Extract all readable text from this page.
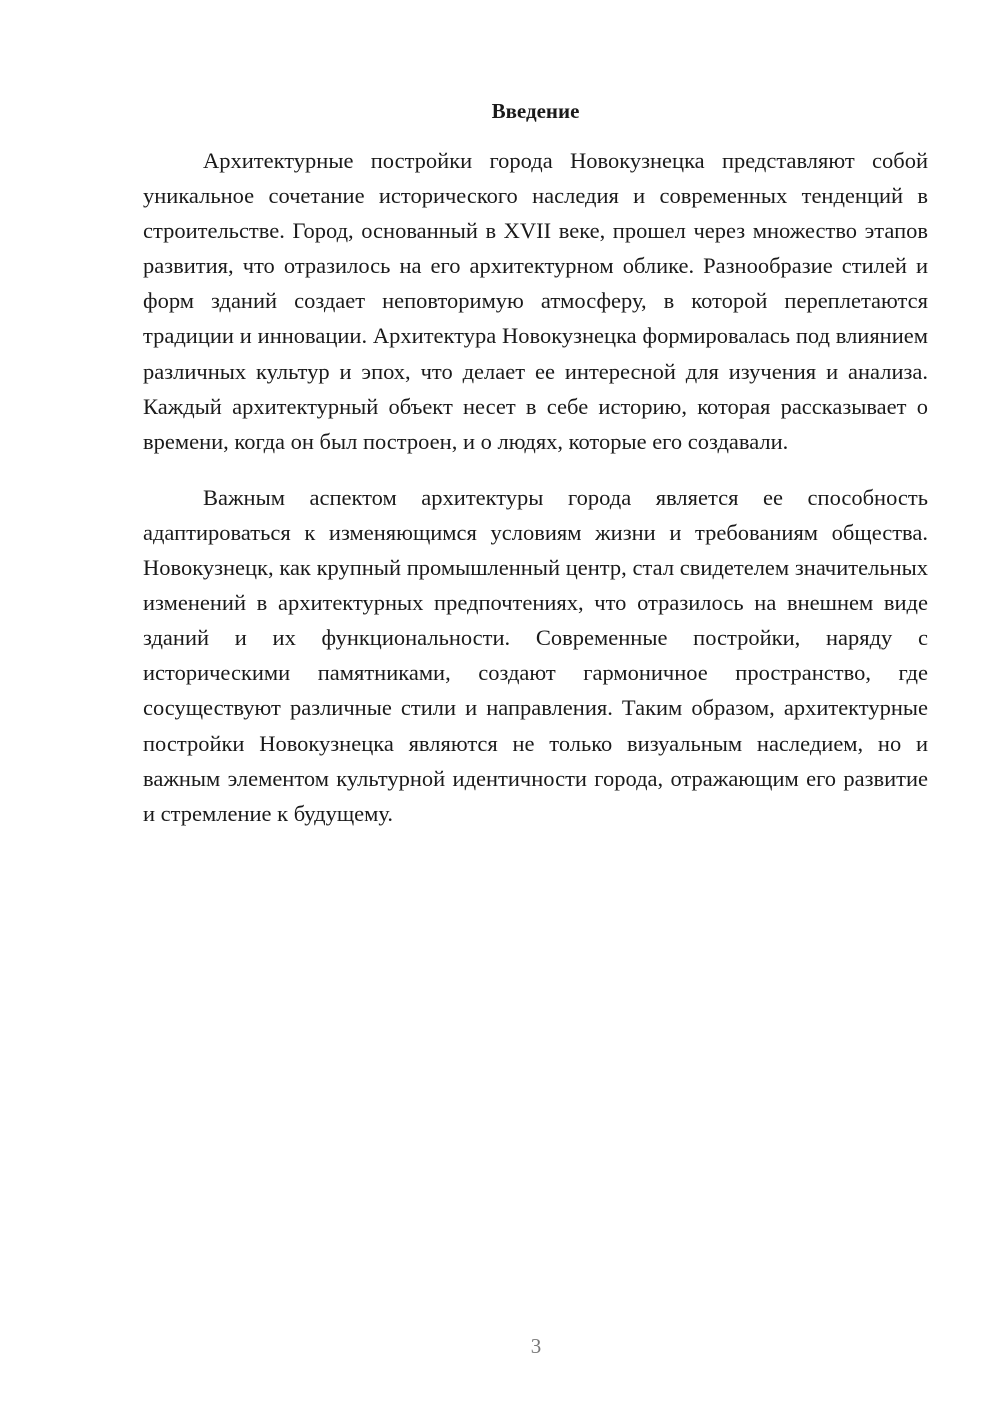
Введение

Архитектурные постройки города Новокузнецка представляют собой уникальное сочетание исторического наследия и современных тенденций в строительстве. Город, основанный в XVII веке, прошел через множество этапов развития, что отразилось на его архитектурном облике. Разнообразие стилей и форм зданий создает неповторимую атмосферу, в которой переплетаются традиции и инновации. Архитектура Новокузнецка формировалась под влиянием различных культур и эпох, что делает ее интересной для изучения и анализа. Каждый архитектурный объект несет в себе историю, которая рассказывает о времени, когда он был построен, и о людях, которые его создавали.

Важным аспектом архитектуры города является ее способность адаптироваться к изменяющимся условиям жизни и требованиям общества. Новокузнецк, как крупный промышленный центр, стал свидетелем значительных изменений в архитектурных предпочтениях, что отразилось на внешнем виде зданий и их функциональности. Современные постройки, наряду с историческими памятниками, создают гармоничное пространство, где сосуществуют различные стили и направления. Таким образом, архитектурные постройки Новокузнецка являются не только визуальным наследием, но и важным элементом культурной идентичности города, отражающим его развитие и стремление к будущему.

3
